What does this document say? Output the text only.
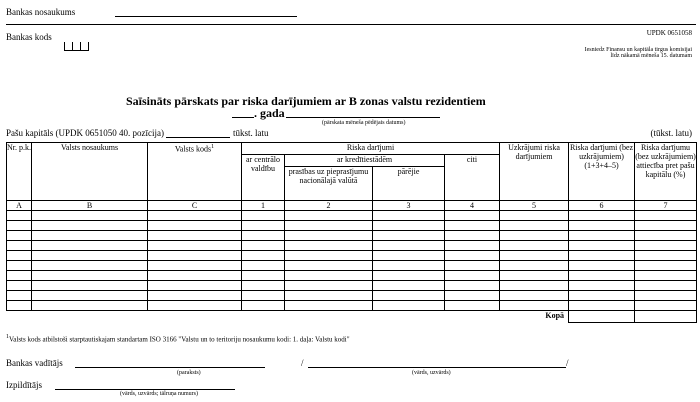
Bankas nosaukums
Bankas kods	UPDK 0651058
Iesniedz Finansu un kapitāla tirgus komisijai
līdz nākamā mēneša 15. datumam
Saīsināts pārskats par riska darījumiem ar B zonas valstu rezidentiem
. gada
(pārskata mēneša pēdējais datums)
Pašu kapitāls (UPDK 0651050 40. pozīcija)	tūkst. latu	(tūkst. latu)
Nr. p.k.	Valsts nosaukums	Valsts kods$^1$	Riska darījumi				Uzkrājumi riska darījumiem	Riska darījumi (bez uzkrājumiem) (1+3+4–5)	Riska darījumu (bez uzkrājumiem) attiecība pret pašu kapitālu (%)
			ar centrālo valdību	ar kredītiestādēm		citi			
				prasības uz pieprasījumu nacionālajā valūtā	pārējie				
A	B	C	1	2	3	4	5	6	7

Kopā									
$^1$Valsts kods atbilstoši starptautiskajam standartam ISO 3166 "Valstu un to teritoriju nosaukumu kodi: 1. daļa: Valstu kodi"
Bankas vadītājs
(paraksts)
/	/
(vārds, uzvārds)
Izpildītājs
(vārds, uzvārds; tālruņa numurs)
